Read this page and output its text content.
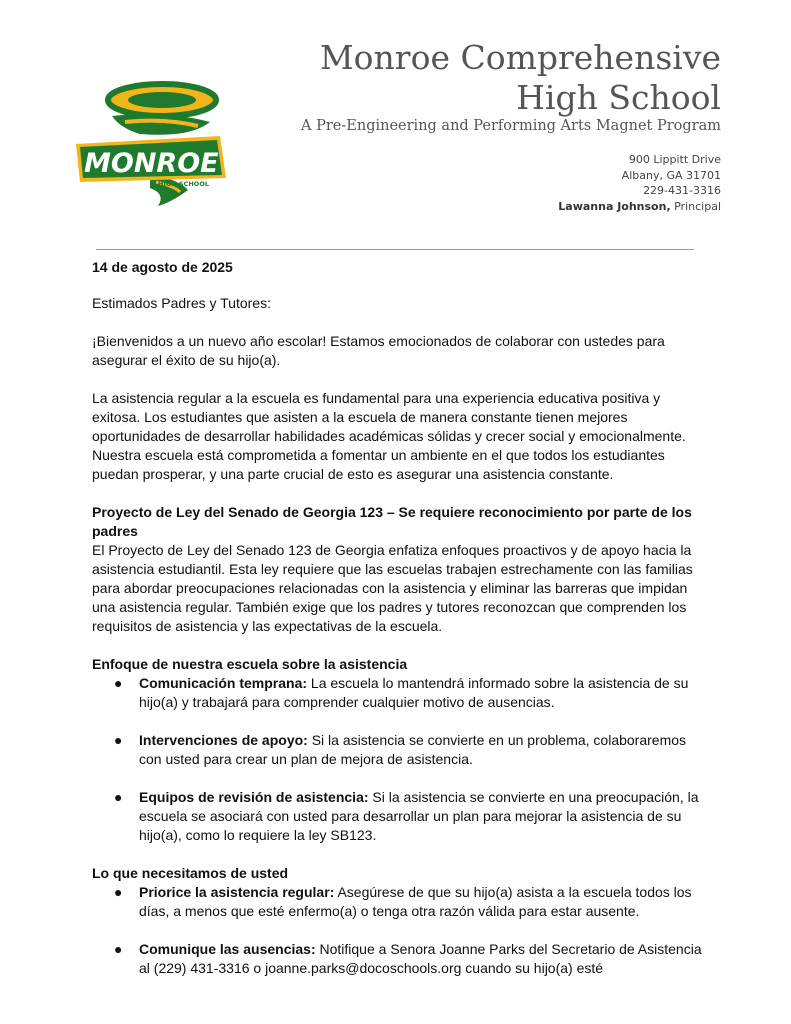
MONROE
HIGH SCHOOL
Monroe Comprehensive
High School
A Pre-Engineering and Performing Arts Magnet Program
900 Lippitt Drive
Albany, GA 31701
229-431-3316
Lawanna Johnson, Principal

14 de agosto de 2025

Estimados Padres y Tutores:

¡Bienvenidos a un nuevo año escolar! Estamos emocionados de colaborar con ustedes para asegurar el éxito de su hijo(a).

La asistencia regular a la escuela es fundamental para una experiencia educativa positiva y exitosa. Los estudiantes que asisten a la escuela de manera constante tienen mejores oportunidades de desarrollar habilidades académicas sólidas y crecer social y emocionalmente. Nuestra escuela está comprometida a fomentar un ambiente en el que todos los estudiantes puedan prosperar, y una parte crucial de esto es asegurar una asistencia constante.

Proyecto de Ley del Senado de Georgia 123 – Se requiere reconocimiento por parte de los padres

El Proyecto de Ley del Senado 123 de Georgia enfatiza enfoques proactivos y de apoyo hacia la asistencia estudiantil. Esta ley requiere que las escuelas trabajen estrechamente con las familias para abordar preocupaciones relacionadas con la asistencia y eliminar las barreras que impidan una asistencia regular. También exige que los padres y tutores reconozcan que comprenden los requisitos de asistencia y las expectativas de la escuela.

Enfoque de nuestra escuela sobre la asistencia

● Comunicación temprana: La escuela lo mantendrá informado sobre la asistencia de su hijo(a) y trabajará para comprender cualquier motivo de ausencias.
● Intervenciones de apoyo: Si la asistencia se convierte en un problema, colaboraremos con usted para crear un plan de mejora de asistencia.
● Equipos de revisión de asistencia: Si la asistencia se convierte en una preocupación, la escuela se asociará con usted para desarrollar un plan para mejorar la asistencia de su hijo(a), como lo requiere la ley SB123.

Lo que necesitamos de usted

● Priorice la asistencia regular: Asegúrese de que su hijo(a) asista a la escuela todos los días, a menos que esté enfermo(a) o tenga otra razón válida para estar ausente.
● Comunique las ausencias: Notifique a Senora Joanne Parks del Secretario de Asistencia al (229) 431-3316 o joanne.parks@docoschools.org cuando su hijo(a) esté
